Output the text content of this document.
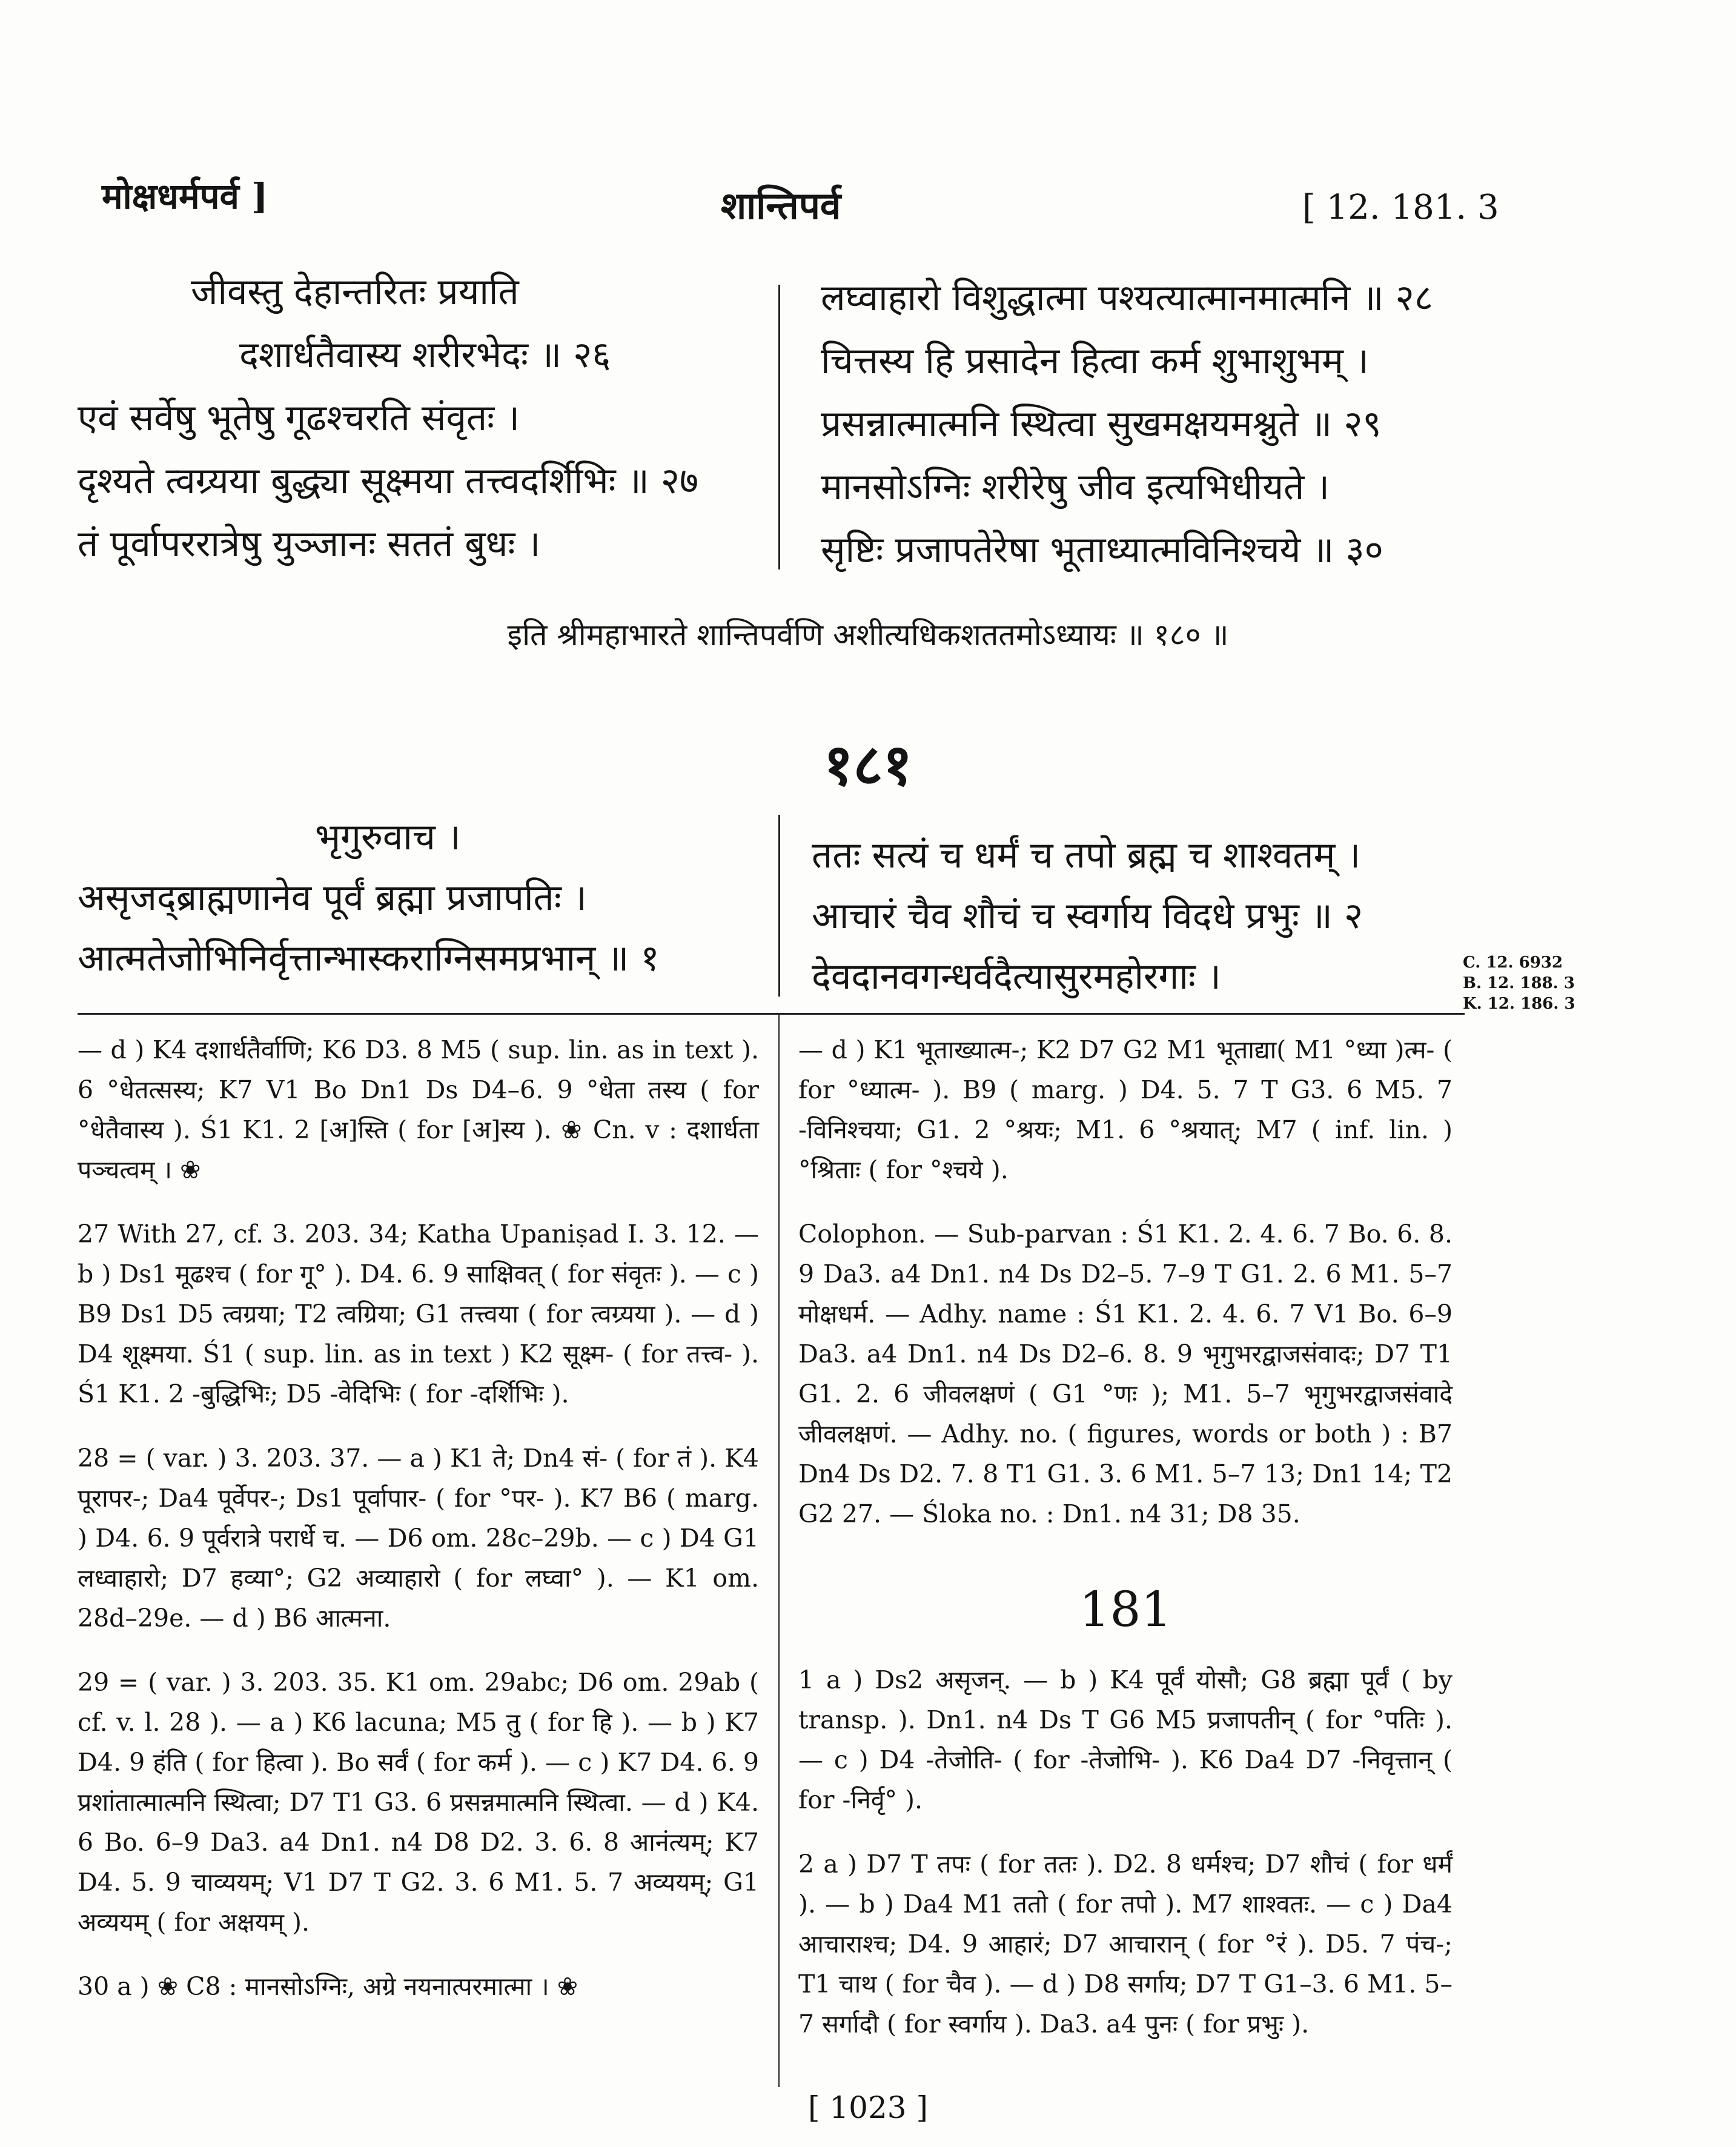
मोक्षधर्मपर्व ]	शान्तिपर्व	[ 12. 181. 3
जीवस्तु देहान्तरितः प्रयाति
दशार्धतैवास्य शरीरभेदः ॥ २६
एवं सर्वेषु भूतेषु गूढश्चरति संवृतः ।
दृश्यते त्वग्र्यया बुद्ध्या सूक्ष्मया तत्त्वदर्शिभिः ॥ २७
तं पूर्वापररात्रेषु युञ्जानः सततं बुधः ।
लघ्वाहारो विशुद्धात्मा पश्यत्यात्मानमात्मनि ॥ २८
चित्तस्य हि प्रसादेन हित्वा कर्म शुभाशुभम् ।
प्रसन्नात्मात्मनि स्थित्वा सुखमक्षयमश्नुते ॥ २९
मानसोऽग्निः शरीरेषु जीव इत्यभिधीयते ।
सृष्टिः प्रजापतेरेषा भूताध्यात्मविनिश्चये ॥ ३०
इति श्रीमहाभारते शान्तिपर्वणि अशीत्यधिकशततमोऽध्यायः ॥ १८० ॥
१८१
भृगुरुवाच ।
असृजद्ब्राह्मणानेव पूर्वं ब्रह्मा प्रजापतिः ।
आत्मतेजोभिनिर्वृत्तान्भास्कराग्निसमप्रभान् ॥ १
ततः सत्यं च धर्मं च तपो ब्रह्म च शाश्वतम् ।
आचारं चैव शौचं च स्वर्गाय विदधे प्रभुः ॥ २
देवदानवगन्धर्वदैत्यासुरमहोरगाः ।	C. 12. 6932
B. 12. 188. 3
K. 12. 186. 3

— d ) K4 दशार्धतैर्वाणि; K6 D3. 8 M5 ( sup. lin. as in text ). 6 °धेतत्सस्य; K7 V1 Bo Dn1 Ds D4–6. 9 °धेता तस्य ( for °धेतैवास्य ). Ś1 K1. 2 [अ]स्ति ( for [अ]स्य ). ❀ Cn. v : दशार्धता पञ्चत्वम् । ❀

27 With 27, cf. 3. 203. 34; Katha Upaniṣad I. 3. 12. — b ) Ds1 मूढश्च ( for गू° ). D4. 6. 9 साक्षिवत् ( for संवृतः ). — c ) B9 Ds1 D5 त्वग्रया; T2 त्वग्रिया; G1 तत्त्वया ( for त्वग्र्यया ). — d ) D4 शूक्ष्मया. Ś1 ( sup. lin. as in text ) K2 सूक्ष्म- ( for तत्त्व- ). Ś1 K1. 2 -बुद्धिभिः; D5 -वेदिभिः ( for -दर्शिभिः ).

28 = ( var. ) 3. 203. 37. — a ) K1 ते; Dn4 सं- ( for तं ). K4 पूरापर-; Da4 पूर्वेपर-; Ds1 पूर्वापार- ( for °पर- ). K7 B6 ( marg. ) D4. 6. 9 पूर्वरात्रे परार्धे च. — D6 om. 28c–29b. — c ) D4 G1 लध्वाहारो; D7 हव्या°; G2 अव्याहारो ( for लघ्वा° ). — K1 om. 28d–29e. — d ) B6 आत्मना.

29 = ( var. ) 3. 203. 35. K1 om. 29abc; D6 om. 29ab ( cf. v. l. 28 ). — a ) K6 lacuna; M5 तु ( for हि ). — b ) K7 D4. 9 हंति ( for हित्वा ). Bo सर्वं ( for कर्म ). — c ) K7 D4. 6. 9 प्रशांतात्मात्मनि स्थित्वा; D7 T1 G3. 6 प्रसन्नमात्मनि स्थित्वा. — d ) K4. 6 Bo. 6–9 Da3. a4 Dn1. n4 D8 D2. 3. 6. 8 आनंत्यम्; K7 D4. 5. 9 चाव्ययम्; V1 D7 T G2. 3. 6 M1. 5. 7 अव्ययम्; G1 अव्ययम् ( for अक्षयम् ).

30 a ) ❀ C8 : मानसोऽग्निः, अग्रे नयनात्परमात्मा । ❀

— d ) K1 भूताख्यात्म-; K2 D7 G2 M1 भूताद्या( M1 °ध्या )त्म- ( for °ध्यात्म- ). B9 ( marg. ) D4. 5. 7 T G3. 6 M5. 7 -विनिश्चया; G1. 2 °श्रयः; M1. 6 °श्रयात्; M7 ( inf. lin. ) °श्रिताः ( for °श्चये ).

Colophon. — Sub-parvan : Ś1 K1. 2. 4. 6. 7 Bo. 6. 8. 9 Da3. a4 Dn1. n4 Ds D2–5. 7–9 T G1. 2. 6 M1. 5–7 मोक्षधर्म. — Adhy. name : Ś1 K1. 2. 4. 6. 7 V1 Bo. 6–9 Da3. a4 Dn1. n4 Ds D2–6. 8. 9 भृगुभरद्वाजसंवादः; D7 T1 G1. 2. 6 जीवलक्षणं ( G1 °णः ); M1. 5–7 भृगुभरद्वाजसंवादे जीवलक्षणं. — Adhy. no. ( figures, words or both ) : B7 Dn4 Ds D2. 7. 8 T1 G1. 3. 6 M1. 5–7 13; Dn1 14; T2 G2 27. — Śloka no. : Dn1. n4 31; D8 35.

181

1 a ) Ds2 असृजन्. — b ) K4 पूर्वं योसौ; G8 ब्रह्मा पूर्वं ( by transp. ). Dn1. n4 Ds T G6 M5 प्रजापतीन् ( for °पतिः ). — c ) D4 -तेजोति- ( for -तेजोभि- ). K6 Da4 D7 -निवृत्तान् ( for -निर्वृ° ).

2 a ) D7 T तपः ( for ततः ). D2. 8 धर्मश्च; D7 शौचं ( for धर्मं ). — b ) Da4 M1 ततो ( for तपो ). M7 शाश्वतः. — c ) Da4 आचाराश्च; D4. 9 आहारं; D7 आचारान् ( for °रं ). D5. 7 पंच-; T1 चाथ ( for चैव ). — d ) D8 सर्गाय; D7 T G1–3. 6 M1. 5–7 सर्गादौ ( for स्वर्गाय ). Da3. a4 पुनः ( for प्रभुः ).

[ 1023 ]
